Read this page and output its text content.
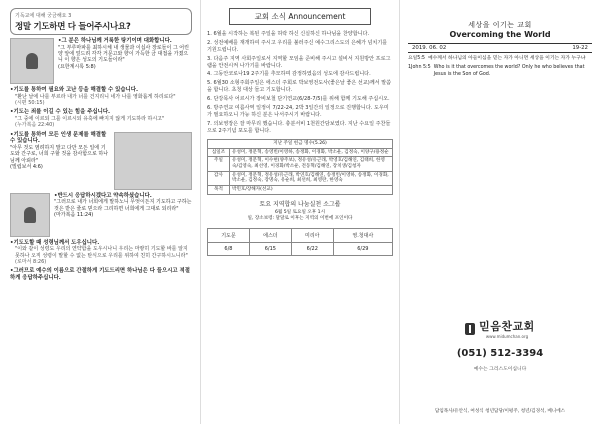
기독교에 대해 궁금해요 3
정말 기도하면 다 들어주시나요?
• 그 분은 하나님께 거룩한 탕기이며 대화합니다.
"그 부루마파를 최하시체 내 생물과 이십사 장로들이 그 어린 양 앞에 엎드려 각각 거문고와 향이 가득한 금 대접을 가졌으니 이 향은 성도의 기도들이라"
(요한계시록 5:8)
• 기도를 통하여 필요와 고난 등을 해결할 수 있습니다.
"환난 날에 나를 부르라 내가 너를 건지리니 네가 나를 영화롭게 하리로다"
(시편 50:15)
• 기도는 죄를 이길 수 있는 힘을 주십니다.
"그 중에 이르되 그를 이르시되 유혹에 빠지지 않게 기도하라 하시고"
(누가복음 22:40)
• 기도를 통하여 모든 인생 문제를 해결할 수 있습니다.
"아무 것도 염려하지 말고 다만 모든 일에 기도와 간구로, 너희 구할 것을 감사함으로 하나님께 아뢰라"
(빌립보서 4:6)
• 반드시 응답하시겠다고 약속하셨습니다.
"그러므로 내가 너희에게 말하노니 무엇이든지 기도하고 구하는 것은 받은 줄로 믿으라 그리하면 너희에게 그대로 되리라"
(마가복음 11:24)
• 기도도할 때 성령님께서 도우십니다.
"이와 같이 성령도 우리의 연약함을 도우시나니 우리는 마땅히 기도할 바를 알지 못하나 오직 성령이 말할 수 없는 탄식으로 우리를 위하여 친히 간구하시느니라"
(로마서 8:26)
• 그러므로 예수의 이름으로 간절하게 기도드리면 하나님은 다 들으시고 적절하게 응답하주십니다.
교회 소식 Announcement
1. 6월을 시작하는 복된 주일을 허락 하신 신실하신 하나님을 찬양합니다.
2. 성전예배를 재개하여 주시고 우리를 불러주신 예수그리스도의 은혜가 넘치기를 기원드립니다.
3. 다음주 지역 사회주일로서 지역할 모임을 준비해 주시고 설비서 지원방안 프로그램을 안전시켜 나가기를 바랍니다.
4. 그동안코로나19 2주기를 추모하며 감정하였음의 성도에 감사드립니다.
5. 6월30 소형주회주일은 에스더 주회로 박보영전도사(좋은날 좋은 선교)께서 말씀을 합니다. 초청 대상 들고 기도합니다.
6. 단강목사 어르시가 장비보철 단기연교(6/28-7/5)를 위해 함께 기도해 주십시오.
6. 방주연교 여름사역 일정이 7/22-24, 2박 3일간의 일정으로 진행합니다. 도우미가 필요하오니 가능 하신 분은 나서주시기 바랍니다.
7. 의보영장은 잘 마무리 했습니다. 충분서비 1천원간담보였다. 지난 수요일 주찬들으로 2주기념 포도를 합니다.
지난 주일 헌금 명수(5.26)	
십일조	유성미, 정문혁, 송영빈/이영하, 송정화, 이경화, 박소운, 김정숙, 이양구/용정순
주일	유성미, 정문혁, 이수현(양주보), 정유성/유근래, 박영호/김해연, 김태희, 한영숙/김영숙, 최선영, 이경화/박소운, 전동혁/김해연, 장치생/김청자
감사	유성미, 정문혁, 정유성/유근래, 박연호/김해연, 송정빈/이영하, 송정화, 이경화, 박소운, 김정숙, 장명숙, 유순희, 최선희, 최영란, 한영숙
목적	박민호/장해자(선교)
토요 지역합의 나눔실천 소그룹
6월 5일 토요일 오후 1시
일, 장소보령: 달달로 이후는 지역의 이번에 포인이다
기도문	에스더	미리아	영.청대사
6/8	6/15	6/22	6/29
세상을 이기는 교회
Overcoming the World
2019. 06. 02	19-22
요일5:5 예수께서 하나님의 아들이심을 믿는 자가 아니면 세상을 이기는 자가 누구냐
1John 5:5 Who is it that overcomes the world? Only he who believes that Jesus is the Son of God.
믿음찬교회
www.midumchan.org
(051) 512-3394
예수는 그리스도이십니다
담임목사/유안식, 여성식 청년담당/이평주, 청년/김경석, 베니에스
